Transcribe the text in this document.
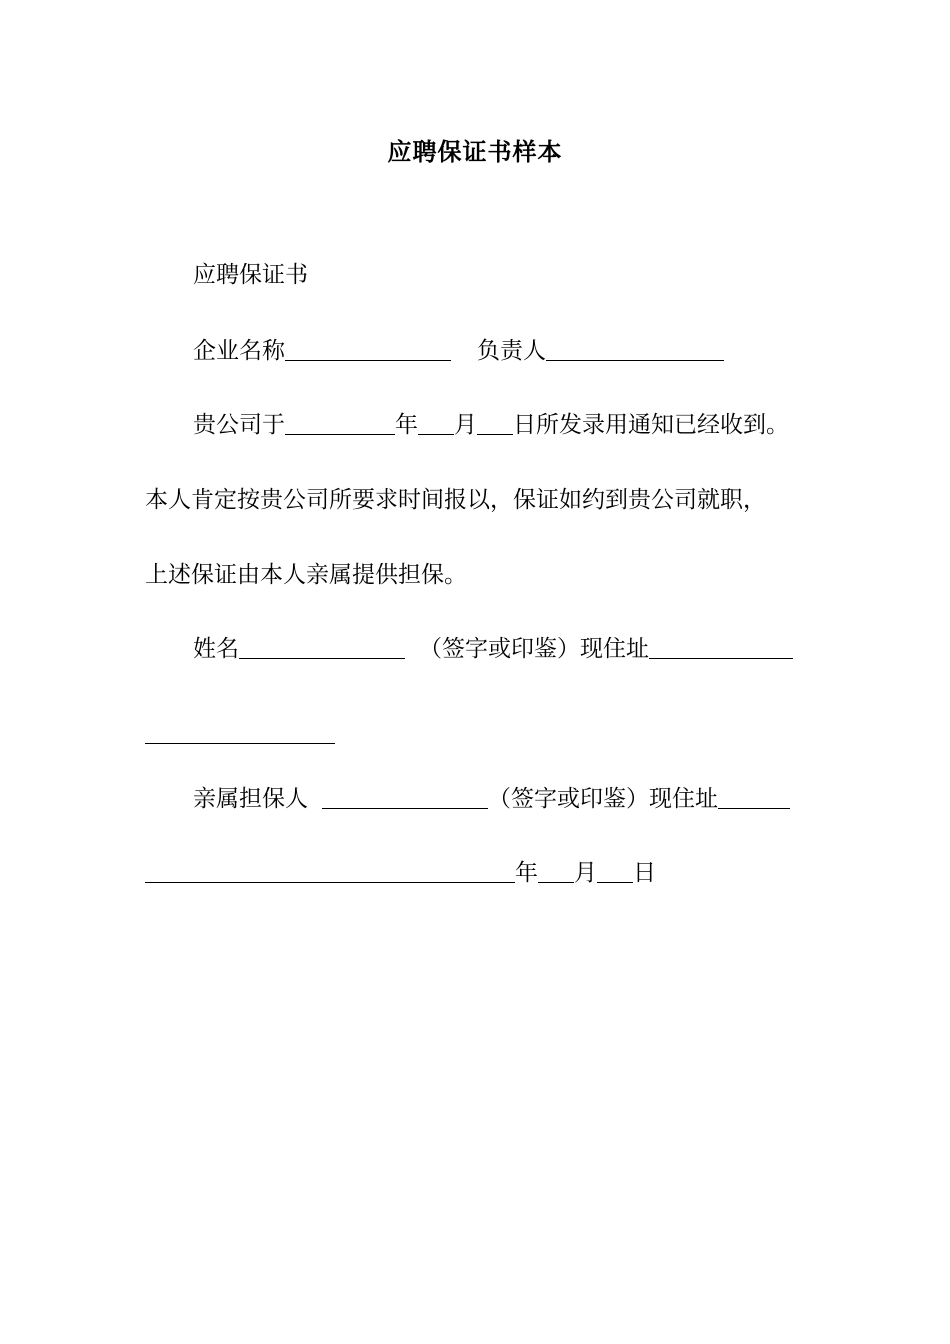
应聘保证书样本
应聘保证书
企业名称	负责人
贵公司于	年 月 日所发录用通知已经收到。
本人肯定按贵公司所要求时间报以，保证如约到贵公司就职，
上述保证由本人亲属提供担保。
姓名	（签字或印鉴）现住址
亲属担保人	（签字或印鉴）现住址
年 月 日
